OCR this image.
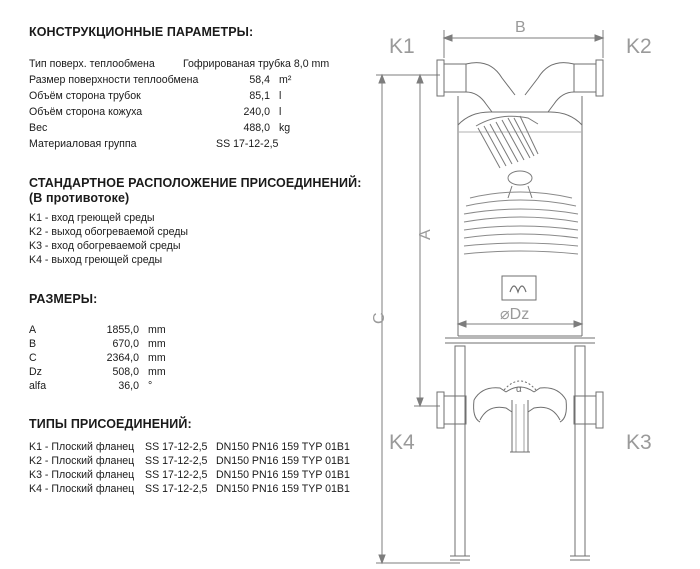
КОНСТРУКЦИОННЫЕ ПАРАМЕТРЫ:
Тип поверх. теплообмена	Гофрированая трубка 8,0 mm
Размер поверхности теплообмена	58,4 m²
Объём сторона трубок	85,1 l
Объём сторона кожуха	240,0 l
Вес	488,0 kg
Материаловая группа	SS 17-12-2,5
СТАНДАРТНОЕ РАСПОЛОЖЕНИЕ ПРИСОЕДИНЕНИЙ:
(В противотоке)
K1 - вход греющей среды
K2 - выход обогреваемой среды
K3 - вход обогреваемой среды
K4 - выход греющей среды
РАЗМЕРЫ:
A	1855,0 mm
B	670,0 mm
C	2364,0 mm
Dz	508,0 mm
alfa	36,0 °
ТИПЫ ПРИСОЕДИНЕНИЙ:
K1 - Плоский фланец SS 17-12-2,5 DN150 PN16 159 TYP 01B1
K2 - Плоский фланец SS 17-12-2,5 DN150 PN16 159 TYP 01B1
K3 - Плоский фланец SS 17-12-2,5 DN150 PN16 159 TYP 01B1
K4 - Плоский фланец SS 17-12-2,5 DN150 PN16 159 TYP 01B1
K1	K2
K4	K3
B
A
C	⌀Dz
α
